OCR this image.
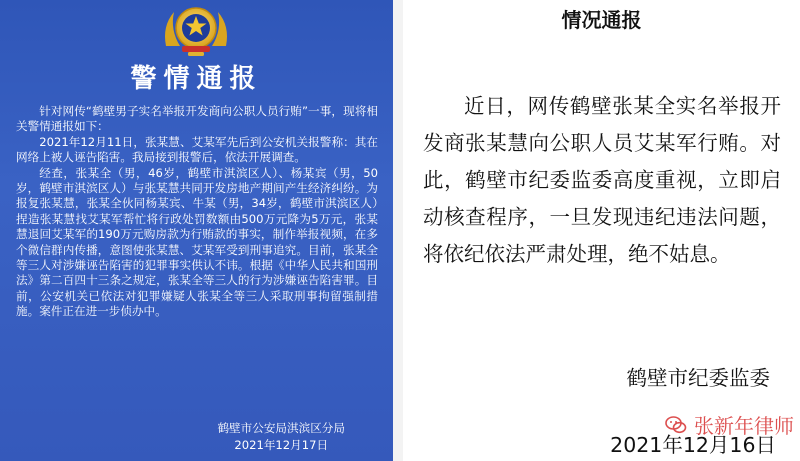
警情通报

针对网传“鹤壁男子实名举报开发商向公职人员行贿”一事，现将相关警情通报如下：

2021年12月11日，张某慧、艾某军先后到公安机关报警称：其在网络上被人诬告陷害。我局接到报警后，依法开展调查。

经查，张某全（男，46岁，鹤壁市淇滨区人）、杨某宾（男，50岁，鹤壁市淇滨区人）与张某慧共同开发房地产期间产生经济纠纷。为报复张某慧，张某全伙同杨某宾、牛某（男，34岁，鹤壁市淇滨区人）捏造张某慧找艾某军帮忙将行政处罚数额由500万元降为5万元，张某慧退回艾某军的190万元购房款为行贿款的事实，制作举报视频，在多个微信群内传播，意图使张某慧、艾某军受到刑事追究。目前，张某全等三人对涉嫌诬告陷害的犯罪事实供认不讳。根据《中华人民共和国刑法》第二百四十三条之规定，张某全等三人的行为涉嫌诬告陷害罪。目前，公安机关已依法对犯罪嫌疑人张某全等三人采取刑事拘留强制措施。案件正在进一步侦办中。

鹤壁市公安局淇滨区分局
2021年12月17日
情况通报

近日，网传鹤壁张某全实名举报开发商张某慧向公职人员艾某军行贿。对此，鹤壁市纪委监委高度重视，立即启动核查程序，一旦发现违纪违法问题，将依纪依法严肃处理，绝不姑息。

鹤壁市纪委监委
2021年12月16日
张新年律师
